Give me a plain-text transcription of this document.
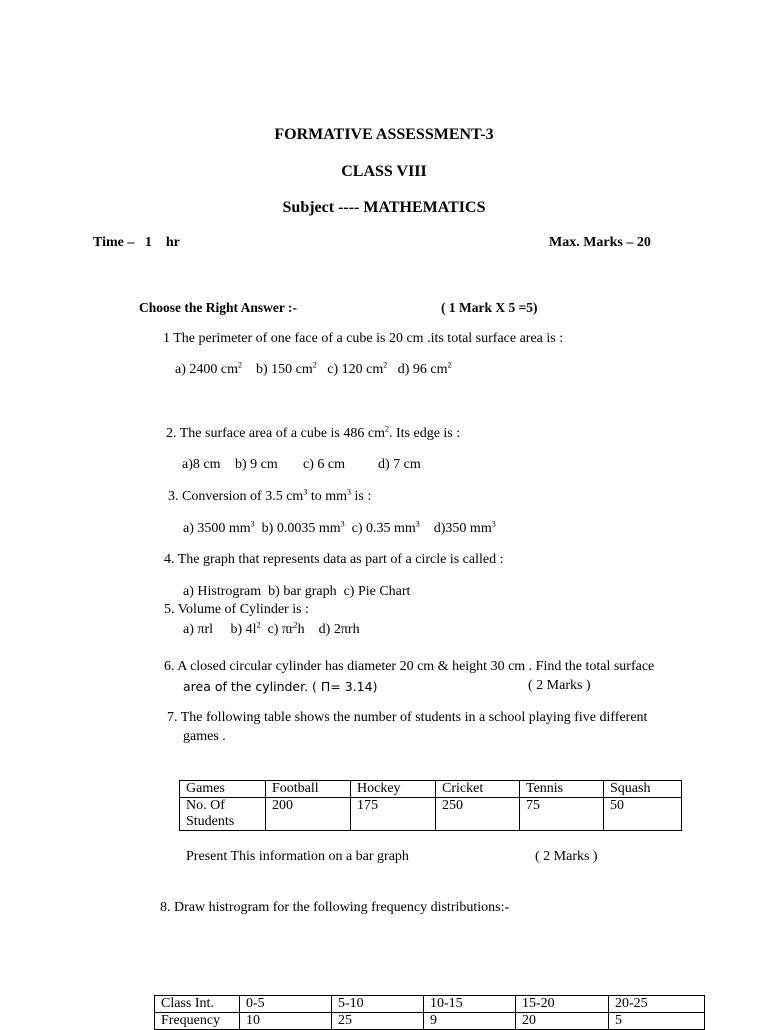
FORMATIVE ASSESSMENT-3
CLASS VIII
Subject ---- MATHEMATICS
Time –   1    hr	Max. Marks – 20
Choose the Right Answer :-	( 1 Mark X 5 =5)
1 The perimeter of one face of a cube is 20 cm .its total surface area is :
a) 2400 $cm^2$ b) 150 $cm^2$ c) 120 $cm^2$ d) 96 $cm^2$
2. The surface area of a cube is 486 $cm^2$. Its edge is :
a)8 cm b) 9 cm c) 6 cm d) 7 cm
3. Conversion of 3.5 $cm^3$ to $mm^3$ is :
a) 3500 $mm^3$ b) 0.0035 $mm^3$ c) 0.35 $mm^3$ d)350 $mm^3$
4. The graph that represents data as part of a circle is called :
a) Histrogram b) bar graph c) Pie Chart
5. Volume of Cylinder is :
a) πrl b) $4l^2$ c) $\pi r^2h$ d) 2πrh
6. A closed circular cylinder has diameter 20 cm & height 30 cm . Find the total surface
area of the cylinder. ( Π= 3.14)	( 2 Marks )
7. The following table shows the number of students in a school playing five different
games .
Games	Football	Hockey	Cricket	Tennis	Squash
No. Of
Students	200	175	250	75	50
Present This information on a bar graph	( 2 Marks )
8. Draw histrogram for the following frequency distributions:-
Class Int.	0-5	5-10	10-15	15-20	20-25
Frequency	10	25	9	20	5
